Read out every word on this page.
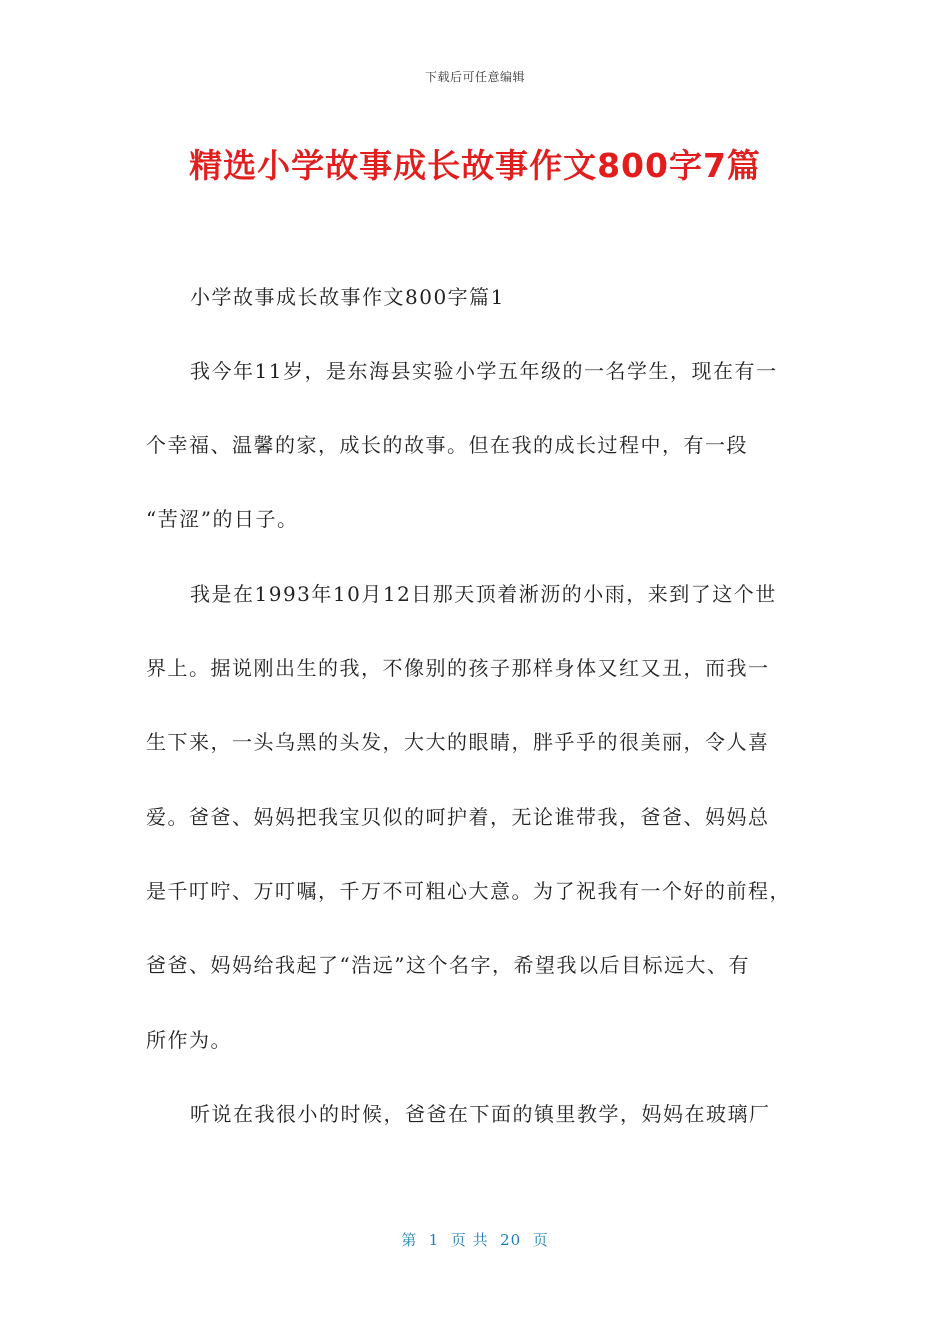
下载后可任意编辑
精选小学故事成长故事作文800字7篇
小学故事成长故事作文800字篇1
我今年11岁，是东海县实验小学五年级的一名学生，现在有一
个幸福、温馨的家，成长的故事。但在我的成长过程中，有一段
“苦涩”的日子。
我是在1993年10月12日那天顶着淅沥的小雨，来到了这个世
界上。据说刚出生的我，不像别的孩子那样身体又红又丑，而我一
生下来，一头乌黑的头发，大大的眼睛，胖乎乎的很美丽，令人喜
爱。爸爸、妈妈把我宝贝似的呵护着，无论谁带我，爸爸、妈妈总
是千叮咛、万叮嘱，千万不可粗心大意。为了祝我有一个好的前程，
爸爸、妈妈给我起了“浩远”这个名字，希望我以后目标远大、有
所作为。
听说在我很小的时候，爸爸在下面的镇里教学，妈妈在玻璃厂
第  1  页 共  20  页
